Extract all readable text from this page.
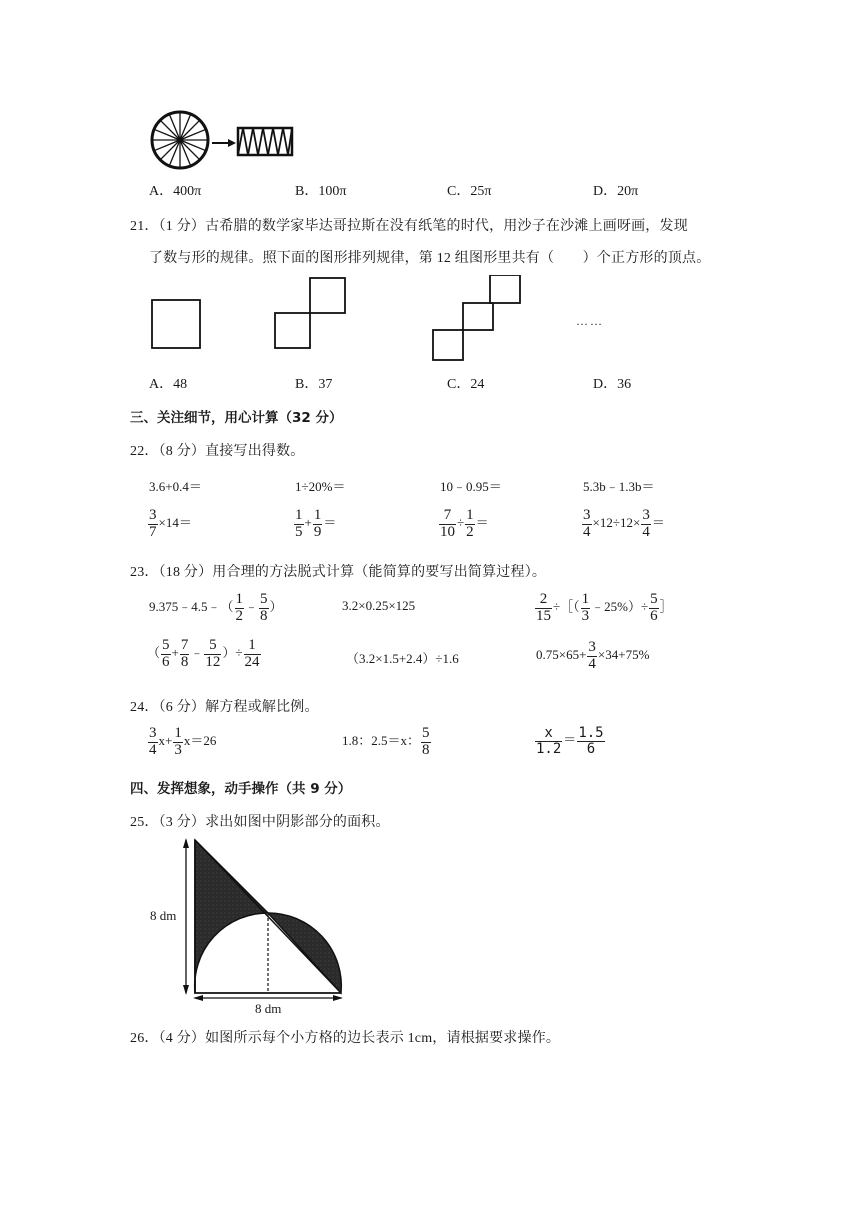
A．400π	B．100π	C．25π	D．20π
21．（1 分）古希腊的数学家毕达哥拉斯在没有纸笔的时代，用沙子在沙滩上画呀画，发现
了数与形的规律。照下面的图形排列规律，第 12 组图形里共有（　　）个正方形的顶点。
……
A．48	B．37	C．24	D．36
三、关注细节，用心计算（32 分）
22．（8 分）直接写出得数。
3.6+0.4＝	1÷20%＝	10﹣0.95＝	5.3b﹣1.3b＝
$\frac{3}{7} \times 14=$	$\frac{1}{5} + \frac{1}{9}$ ＝	$\frac{7}{10} \div \frac{1}{2}$ ＝	$\frac{3}{4} \times 12\div 12\times \frac{3}{4}$ ＝
23．（18 分）用合理的方法脱式计算（能简算的要写出简算过程）。
9.375﹣4.5﹣（ $\frac{1}{2}$ ﹣ $\frac{5}{8}$ ）	3.2×0.25×125	$\frac{2}{15}$ ÷［（ $\frac{1}{3}$ ﹣25%）÷ $\frac{5}{6}$ ］
（ $\frac{5}{6} + \frac{7}{8}$ ﹣ $\frac{5}{12}$ ）÷ $\frac{1}{24}$	（3.2×1.5+2.4）÷1.6	$0.75\times 65+ \frac{3}{4} \times 34+75\%$
24．（6 分）解方程或解比例。
$\frac{3}{4} x+ \frac{1}{3} x=26$	1.8：2.5＝x： $\frac{5}{8}$	$\frac{x}{1.2} = \frac{1.5}{6}$
四、发挥想象，动手操作（共 9 分）
25．（3 分）求出如图中阴影部分的面积。
8 dm
8 dm
26．（4 分）如图所示每个小方格的边长表示 1cm，请根据要求操作。
